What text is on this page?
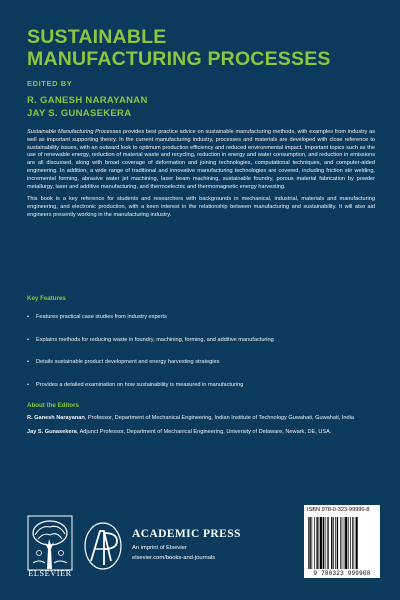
SUSTAINABLE
MANUFACTURING PROCESSES
EDITED BY
R. GANESH NARAYANAN
JAY S. GUNASEKERA

Sustainable Manufacturing Processes provides best practice advice on sustainable manufacturing methods, with examples from industry as well as important supporting theory. In the current manufacturing industry, processes and materials are developed with close reference to sustainability issues, with an outward look to optimum production efficiency and reduced environmental impact. Important topics such as the use of renewable energy, reduction of material waste and recycling, reduction in energy and water consumption, and reduction in emissions are all discussed, along with broad coverage of deformation and joining technologies, computational techniques, and computer-aided engineering. In addition, a wide range of traditional and innovative manufacturing technologies are covered, including friction stir welding, incremental forming, abrasive water jet machining, laser beam machining, sustainable foundry, porous material fabrication by powder metallurgy, laser and additive manufacturing, and thermoelectric and thermomagnetic energy harvesting.

This book is a key reference for students and researchers with backgrounds in mechanical, industrial, materials and manufacturing engineering, and electronic production, with a keen interest in the relationship between manufacturing and sustainability. It will also aid engineers presently working in the manufacturing industry.

Key Features
• Features practical case studies from industry experts
• Explains methods for reducing waste in foundry, machining, forming, and additive manufacturing
• Details sustainable product development and energy harvesting strategies
• Provides a detailed examination on how sustainability is measured in manufacturing
About the Editors

R. Ganesh Narayanan, Professor, Department of Mechanical Engineering, Indian Institute of Technology Guwahati, Guwahati, India

Jay S. Gunasekera, Adjunct Professor, Department of Mechanical Engineering, University of Delaware, Newark, DE, USA.

ELSEVIER
ACADEMIC PRESS
An imprint of Elsevier
elsevier.com/books-and-journals
ISBN 978-0-323-99990-8
9 780323 999908
